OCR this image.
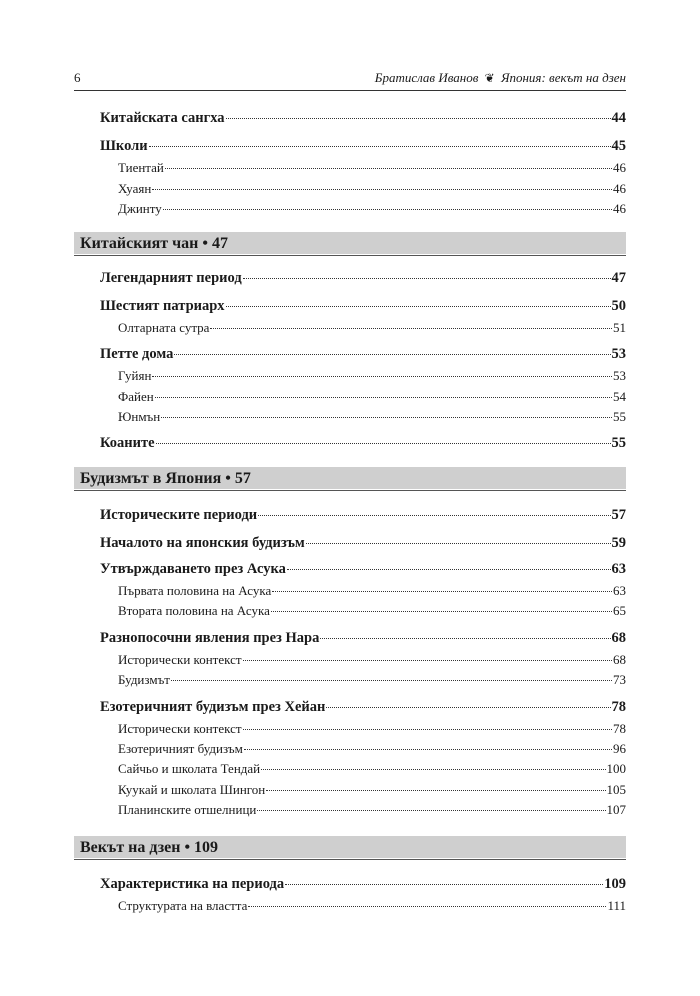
6	Братислав Иванов ❦ Япония: векът на дзен
Китайската сангха	44
Школи	45
Тиентай	46
Хуаян	46
Джинту	46
Китайският чан • 47
Легендарният период	47
Шестият патриарх	50
Олтарната сутра	51
Петте дома	53
Гуйян	53
Файен	54
Юнмън	55
Коаните	55
Будизмът в Япония • 57
Историческите периоди	57
Началото на японския будизъм	59
Утвърждаването през Асука	63
Първата половина на Асука	63
Втората половина на Асука	65
Разнопосочни явления през Нара	68
Исторически контекст	68
Будизмът	73
Езотеричният будизъм през Хейан	78
Исторически контекст	78
Езотеричният будизъм	96
Сайчьо и школата Тендай	100
Куукай и школата Шингон	105
Планинските отшелници	107
Векът на дзен • 109
Характеристика на периода	109
Структурата на властта	111
